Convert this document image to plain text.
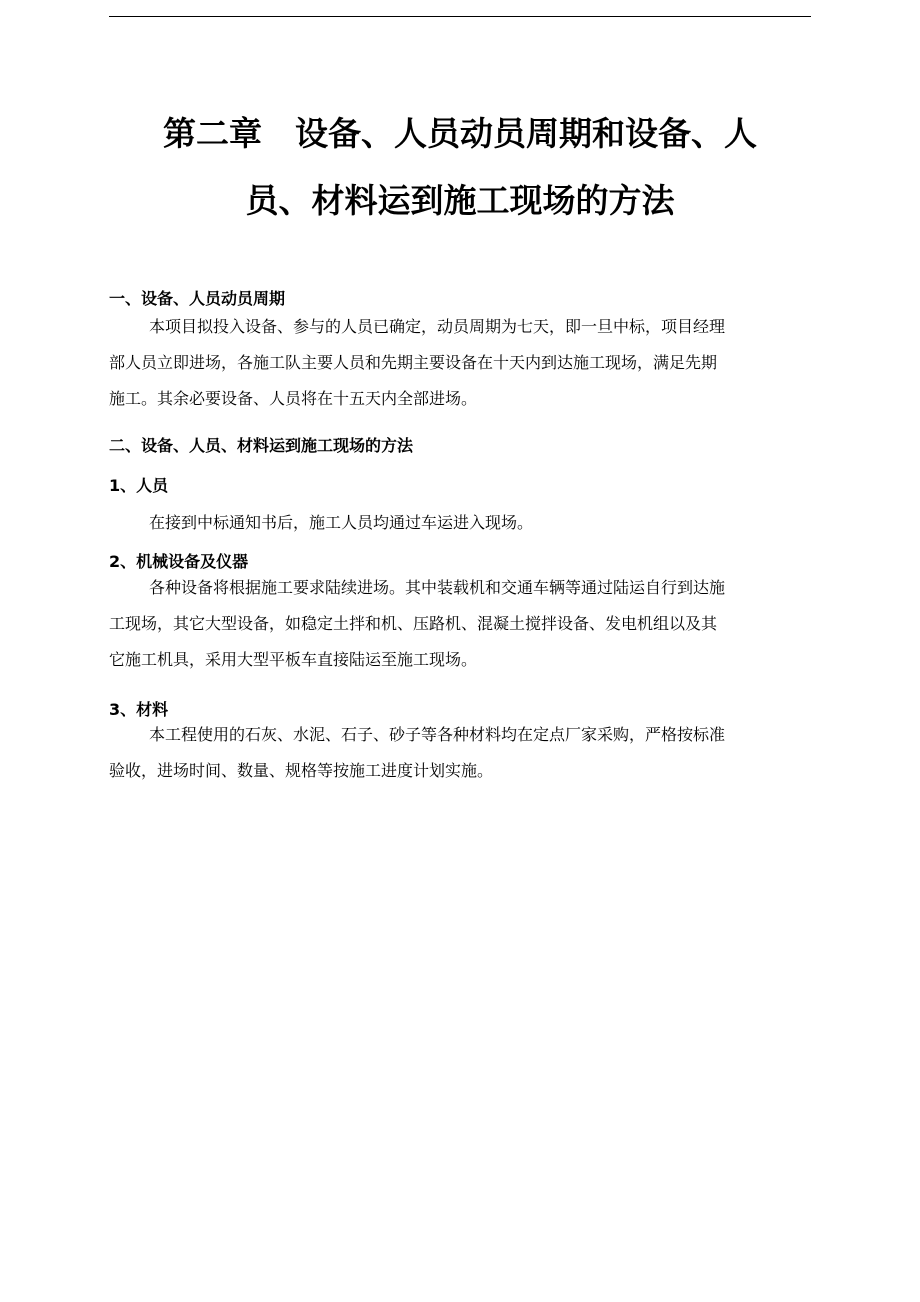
第二章　设备、人员动员周期和设备、人
员、材料运到施工现场的方法
一、设备、人员动员周期
本项目拟投入设备、参与的人员已确定，动员周期为七天，即一旦中标，项目经理
部人员立即进场，各施工队主要人员和先期主要设备在十天内到达施工现场，满足先期
施工。其余必要设备、人员将在十五天内全部进场。
二、设备、人员、材料运到施工现场的方法
1、人员
在接到中标通知书后，施工人员均通过车运进入现场。
2、机械设备及仪器
各种设备将根据施工要求陆续进场。其中装载机和交通车辆等通过陆运自行到达施
工现场，其它大型设备，如稳定土拌和机、压路机、混凝土搅拌设备、发电机组以及其
它施工机具，采用大型平板车直接陆运至施工现场。
3、材料
本工程使用的石灰、水泥、石子、砂子等各种材料均在定点厂家采购，严格按标准
验收，进场时间、数量、规格等按施工进度计划实施。
